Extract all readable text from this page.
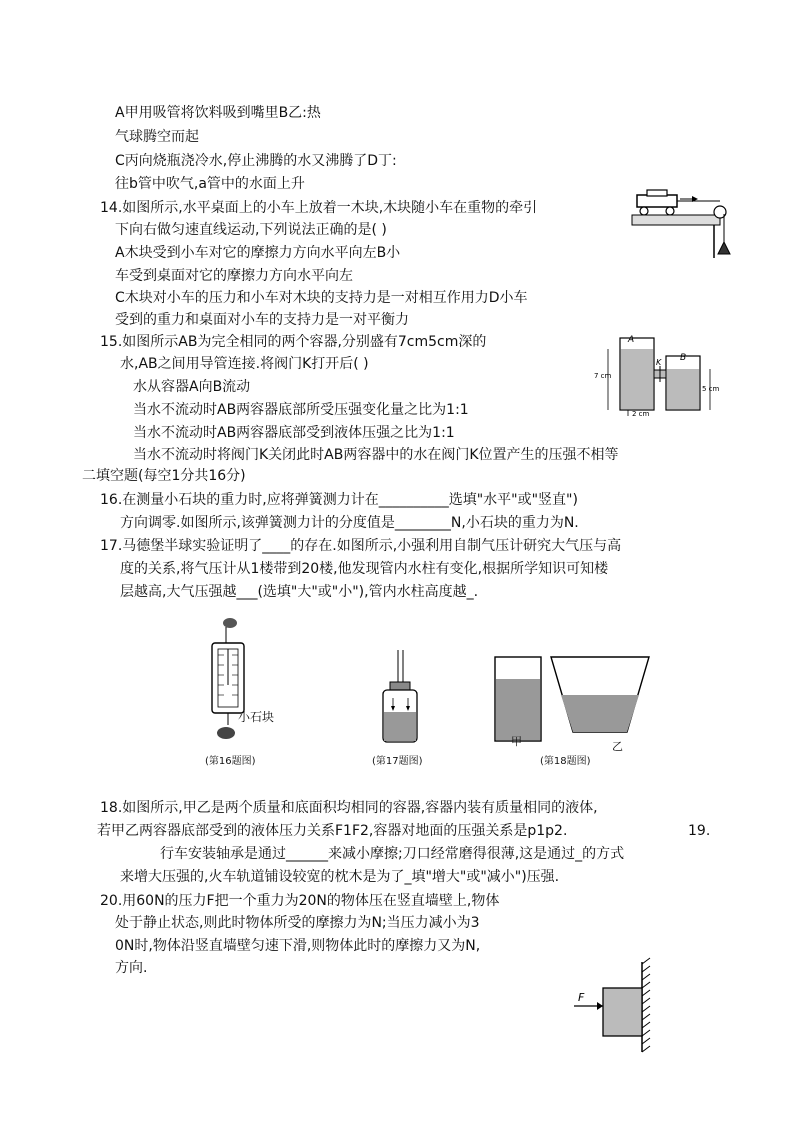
A甲用吸管将饮料吸到嘴里B乙:热
气球腾空而起
C丙向烧瓶浇冷水,停止沸腾的水又沸腾了D丁:
往b管中吹气,a管中的水面上升
14.如图所示,水平桌面上的小车上放着一木块,木块随小车在重物的牵引
下向右做匀速直线运动,下列说法正确的是( )
A木块受到小车对它的摩擦力方向水平向左B小
车受到桌面对它的摩擦力方向水平向左
C木块对小车的压力和小车对木块的支持力是一对相互作用力D小车
受到的重力和桌面对小车的支持力是一对平衡力
15.如图所示AB为完全相同的两个容器,分别盛有7cm5cm深的
水,AB之间用导管连接.将阀门K打开后( )
水从容器A向B流动
当水不流动时AB两容器底部所受压强变化量之比为1:1
当水不流动时AB两容器底部受到液体压强之比为1:1
当水不流动时将阀门K关闭此时AB两容器中的水在阀门K位置产生的压强不相等
二填空题(每空1分共16分)
16.在测量小石块的重力时,应将弹簧测力计在__________选填"水平"或"竖直")
方向调零.如图所示,该弹簧测力计的分度值是________N,小石块的重力为N.
17.马德堡半球实验证明了____的存在.如图所示,小强利用自制气压计研究大气压与高
度的关系,将气压计从1楼带到20楼,他发现管内水柱有变化,根据所学知识可知楼
层越高,大气压强越___(选填"大"或"小"),管内水柱高度越_.
18.如图所示,甲乙是两个质量和底面积均相同的容器,容器内装有质量相同的液体,
若甲乙两容器底部受到的液体压力关系F1F2,容器对地面的压强关系是p1p2.	19.
行车安装轴承是通过______来减小摩擦;刀口经常磨得很薄,这是通过_的方式
来增大压强的,火车轨道铺设较宽的枕木是为了_填"增大"或"减小")压强.
20.用60N的压力F把一个重力为20N的物体压在竖直墙壁上,物体
处于静止状态,则此时物体所受的摩擦力为N;当压力减小为3
0N时,物体沿竖直墙壁匀速下滑,则物体此时的摩擦力又为N,
方向.
A
B
K
7 cm
5 cm
2 cm
小石块
甲	乙
(第16题图)	(第17题图)	(第18题图)
F
